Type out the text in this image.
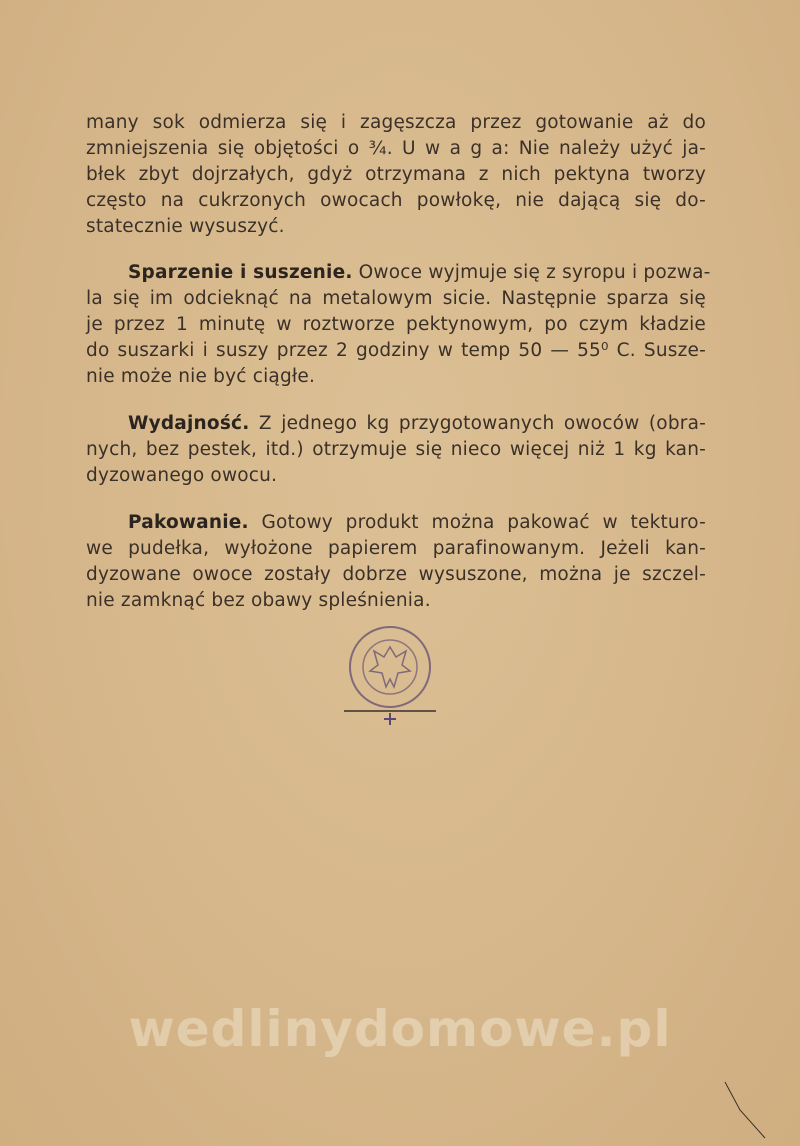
many sok odmierza się i zagęszcza przez gotowanie aż do
zmniejszenia się objętości o ¾. U w a g a: Nie należy użyć ja-
błek zbyt dojrzałych, gdyż otrzymana z nich pektyna tworzy
często na cukrzonych owocach powłokę, nie dającą się do-
statecznie wysuszyć.
Sparzenie i suszenie. Owoce wyjmuje się z syropu i pozwa-
la się im odcieknąć na metalowym sicie. Następnie sparza się
je przez 1 minutę w roztworze pektynowym, po czym kładzie
do suszarki i suszy przez 2 godziny w temp 50 — 55⁰ C. Susze-
nie może nie być ciągłe.
Wydajność. Z jednego kg przygotowanych owoców (obra-
nych, bez pestek, itd.) otrzymuje się nieco więcej niż 1 kg kan-
dyzowanego owocu.
Pakowanie. Gotowy produkt można pakować w tekturo-
we pudełka, wyłożone papierem parafinowanym. Jeżeli kan-
dyzowane owoce zostały dobrze wysuszone, można je szczel-
nie zamknąć bez obawy spleśnienia.
wedlinydomowe.pl
